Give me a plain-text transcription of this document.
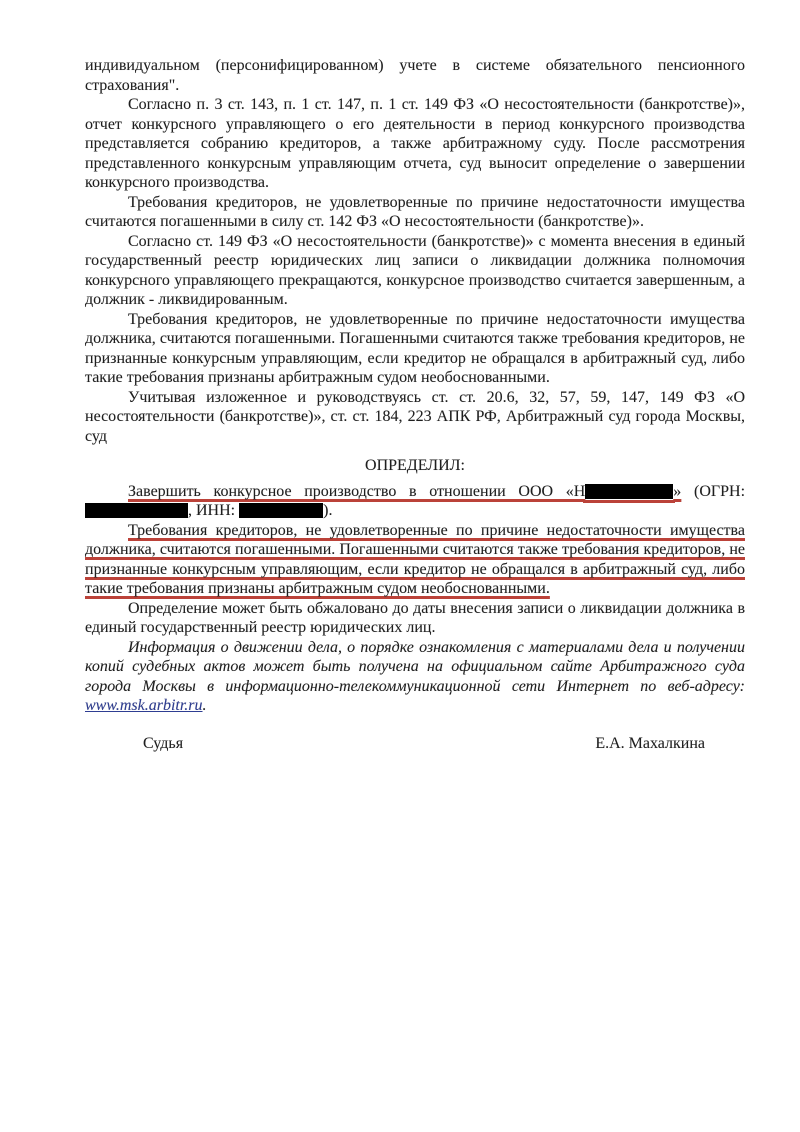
индивидуальном (персонифицированном) учете в системе обязательного пенсионного страхования".

Согласно п. 3 ст. 143, п. 1 ст. 147, п. 1 ст. 149 ФЗ «О несостоятельности (банкротстве)», отчет конкурсного управляющего о его деятельности в период конкурсного производства представляется собранию кредиторов, а также арбитражному суду. После рассмотрения представленного конкурсным управляющим отчета, суд выносит определение о завершении конкурсного производства.

Требования кредиторов, не удовлетворенные по причине недостаточности имущества считаются погашенными в силу ст. 142 ФЗ «О несостоятельности (банкротстве)».

Согласно ст. 149 ФЗ «О несостоятельности (банкротстве)» с момента внесения в единый государственный реестр юридических лиц записи о ликвидации должника полномочия конкурсного управляющего прекращаются, конкурсное производство считается завершенным, а должник - ликвидированным.

Требования кредиторов, не удовлетворенные по причине недостаточности имущества должника, считаются погашенными. Погашенными считаются также требования кредиторов, не признанные конкурсным управляющим, если кредитор не обращался в арбитражный суд, либо такие требования признаны арбитражным судом необоснованными.

Учитывая изложенное и руководствуясь ст. ст. 20.6, 32, 57, 59, 147, 149 ФЗ «О несостоятельности (банкротстве)», ст. ст. 184, 223 АПК РФ, Арбитражный суд города Москвы, суд

ОПРЕДЕЛИЛ:

Завершить конкурсное производство в отношении ООО «Н	» (ОГРН:
, ИНН:	).

Требования кредиторов, не удовлетворенные по причине недостаточности имущества должника, считаются погашенными. Погашенными считаются также требования кредиторов, не признанные конкурсным управляющим, если кредитор не обращался в арбитражный суд, либо такие требования признаны арбитражным судом необоснованными.

Определение может быть обжаловано до даты внесения записи о ликвидации должника в единый государственный реестр юридических лиц.

Информация о движении дела, о порядке ознакомления с материалами дела и получении копий судебных актов может быть получена на официальном сайте Арбитражного суда города Москвы в информационно-телекоммуникационной сети Интернет по веб-адресу: www.msk.arbitr.ru.

Судья	Е.А. Махалкина
